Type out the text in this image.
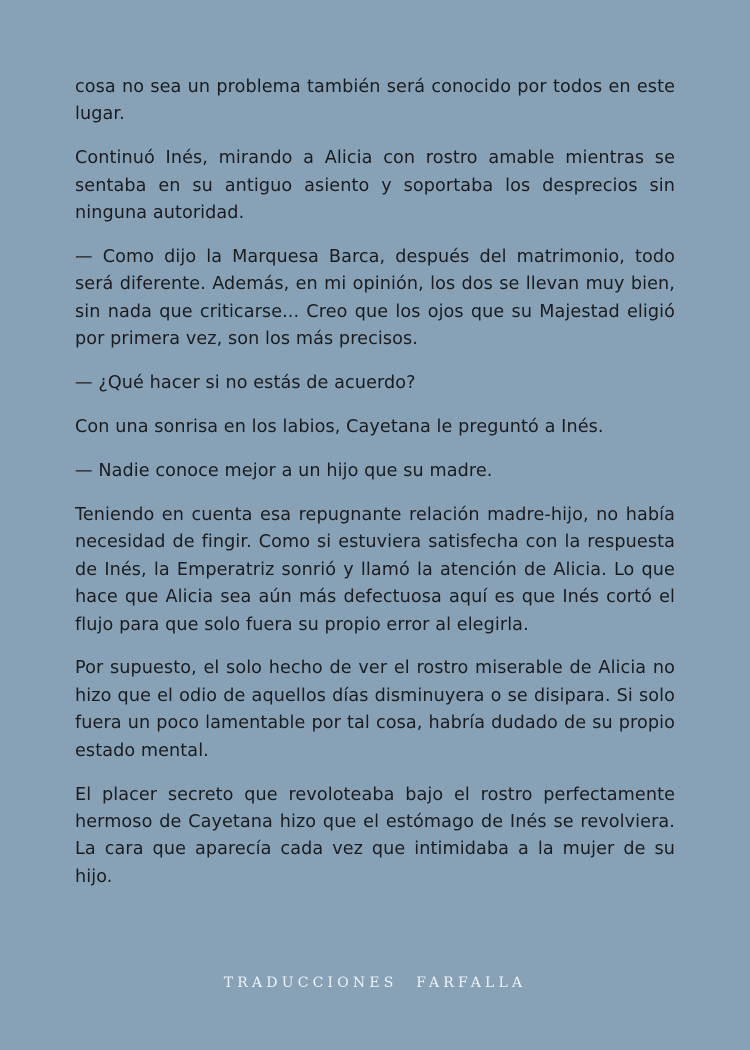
cosa no sea un problema también será conocido por todos en este lugar.

Continuó Inés, mirando a Alicia con rostro amable mientras se sentaba en su antiguo asiento y soportaba los desprecios sin ninguna autoridad.

— Como dijo la Marquesa Barca, después del matrimonio, todo será diferente. Además, en mi opinión, los dos se llevan muy bien, sin nada que criticarse... Creo que los ojos que su Majestad eligió por primera vez, son los más precisos.

— ¿Qué hacer si no estás de acuerdo?

Con una sonrisa en los labios, Cayetana le preguntó a Inés.

— Nadie conoce mejor a un hijo que su madre.

Teniendo en cuenta esa repugnante relación madre-hijo, no había necesidad de fingir. Como si estuviera satisfecha con la respuesta de Inés, la Emperatriz sonrió y llamó la atención de Alicia. Lo que hace que Alicia sea aún más defectuosa aquí es que Inés cortó el flujo para que solo fuera su propio error al elegirla.

Por supuesto, el solo hecho de ver el rostro miserable de Alicia no hizo que el odio de aquellos días disminuyera o se disipara. Si solo fuera un poco lamentable por tal cosa, habría dudado de su propio estado mental.

El placer secreto que revoloteaba bajo el rostro perfectamente hermoso de Cayetana hizo que el estómago de Inés se revolviera. La cara que aparecía cada vez que intimidaba a la mujer de su hijo.

TRADUCCIONES FARFALLA
